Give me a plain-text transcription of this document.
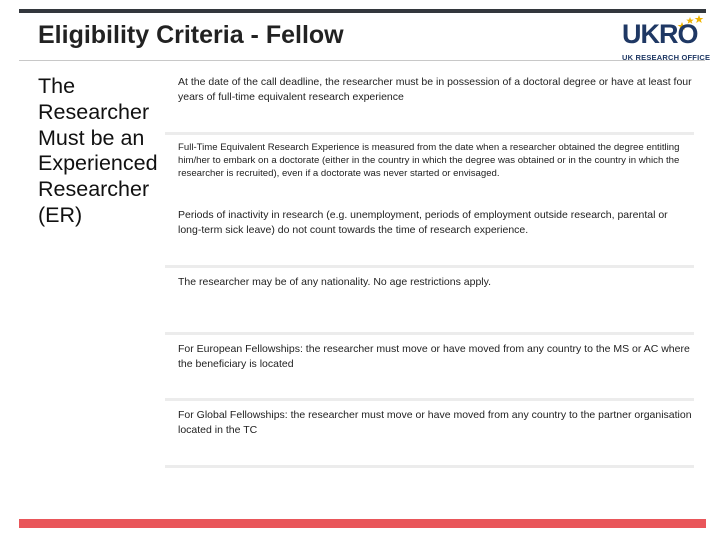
Eligibility Criteria - Fellow	UKRO
UK RESEARCH OFFICE
The Researcher Must be an Experienced Researcher (ER)
At the date of the call deadline, the researcher must be in possession of a doctoral degree or have at least four years of full-time equivalent research experience
Full-Time Equivalent Research Experience is measured from the date when a researcher obtained the degree entitling him/her to embark on a doctorate (either in the country in which the degree was obtained or in the country in which the researcher is recruited), even if a doctorate was never started or envisaged.
Periods of inactivity in research (e.g. unemployment, periods of employment outside research, parental or long-term sick leave) do not count towards the time of research experience.
The researcher may be of any nationality. No age restrictions apply.
For European Fellowships: the researcher must move or have moved from any country to the MS or AC where the beneficiary is located
For Global Fellowships: the researcher must move or have moved from any country to the partner organisation located in the TC
